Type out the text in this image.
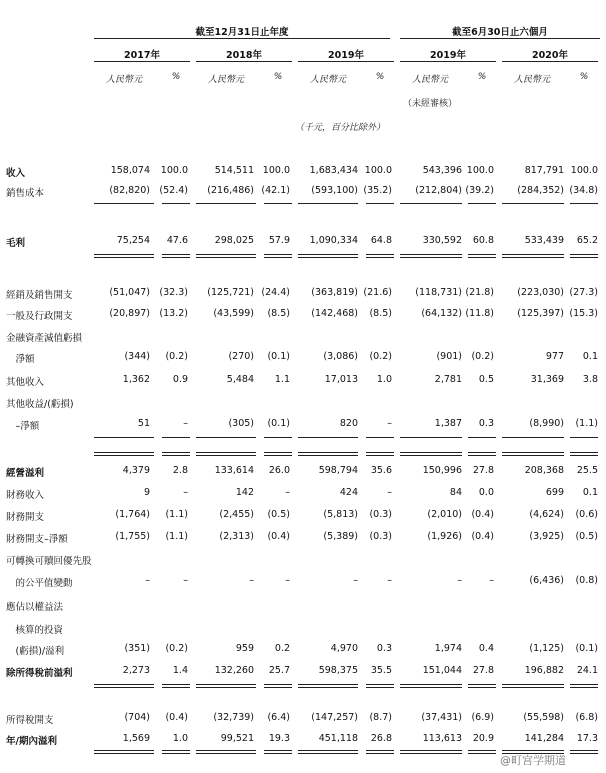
截至12月31日止年度	截至6月30日止六個月
2017年	2018年	2019年	2019年	2020年
人民幣元	%	人民幣元	%	人民幣元	%	人民幣元	%	人民幣元	%
（未經審核）
（千元，百分比除外）
收入	158,074 100.0	514,511 100.0 1,683,434 100.0	543,396 100.0	817,791 100.0
銷售成本	(82,820) (52.4) (216,486) (42.1) (593,100) (35.2) (212,804) (39.2) (284,352) (34.8)
毛利	75,254 47.6	298,025 57.9 1,090,334 64.8	330,592 60.8	533,439 65.2
經銷及銷售開支	(51,047) (32.3) (125,721) (24.4) (363,819) (21.6) (118,731) (21.8) (223,030) (27.3)
一般及行政開支	(20,897) (13.2)	(43,599) (8.5) (142,468) (8.5)	(64,132) (11.8) (125,397) (15.3)
金融資產減值虧損
　淨額	(344) (0.2)	(270) (0.1)	(3,086) (0.2)	(901) (0.2)	977 0.1
其他收入	1,362 0.9	5,484 1.1	17,013 1.0	2,781 0.5	31,369 3.8
其他收益/(虧損)
　–淨額	51	–	(305) (0.1)	820	–	1,387 0.3	(8,990) (1.1)
經營溢利	4,379 2.8	133,614 26.0	598,794 35.6	150,996 27.8	208,368 25.5
財務收入	9	–	142	–	424	–	84 0.0	699 0.1
財務開支	(1,764) (1.1)	(2,455) (0.5)	(5,813) (0.3)	(2,010) (0.4)	(4,624) (0.6)
財務開支–淨額	(1,755) (1.1)	(2,313) (0.4)	(5,389) (0.3)	(1,926) (0.4)	(3,925) (0.5)
可轉換可贖回優先股
　的公平值變動	–	–	–	–	–	–	–	–	(6,436) (0.8)
應佔以權益法
　核算的投資
　(虧損)/溢利	(351) (0.2)	959 0.2	4,970 0.3	1,974 0.4	(1,125) (0.1)
除所得稅前溢利	2,273 1.4	132,260 25.7	598,375 35.5	151,044 27.8	196,882 24.1
所得稅開支	(704) (0.4)	(32,739) (6.4) (147,257) (8.7)	(37,431) (6.9)	(55,598) (6.8)
年/期內溢利	1,569 1.0	99,521 19.3	451,118 26.8	113,613 20.9	141,284 17.3
@町宫学期道
